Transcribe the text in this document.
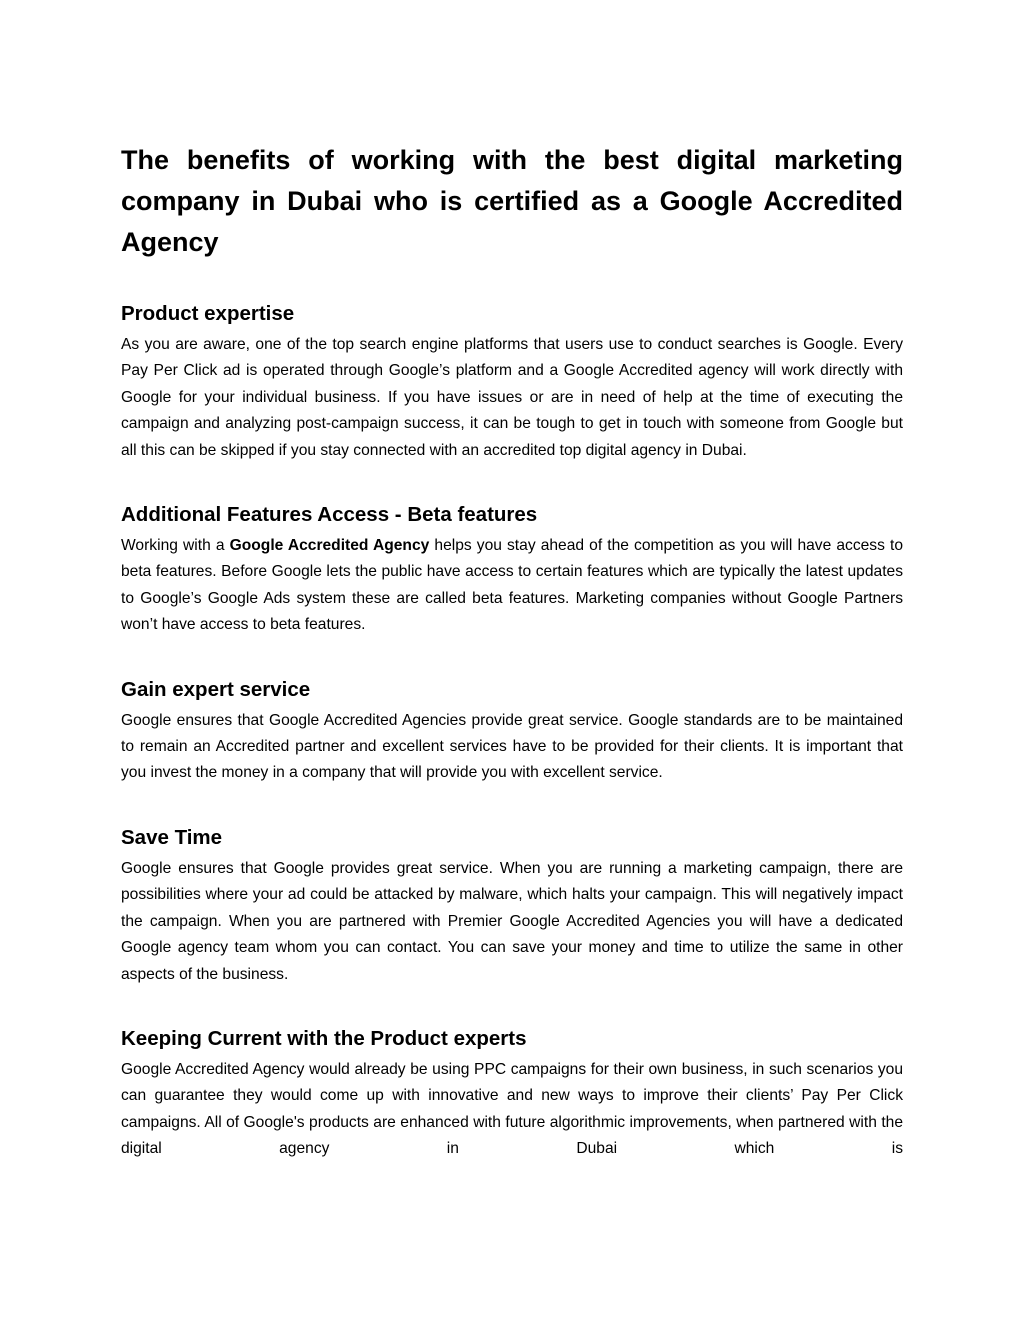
The benefits of working with the best digital marketing company in Dubai who is certified as a Google Accredited Agency
Product expertise

As you are aware, one of the top search engine platforms that users use to conduct searches is Google. Every Pay Per Click ad is operated through Google’s platform and a Google Accredited agency will work directly with Google for your individual business. If you have issues or are in need of help at the time of executing the campaign and analyzing post-campaign success, it can be tough to get in touch with someone from Google but all this can be skipped if you stay connected with an accredited top digital agency in Dubai.

Additional Features Access - Beta features

Working with a Google Accredited Agency helps you stay ahead of the competition as you will have access to beta features. Before Google lets the public have access to certain features which are typically the latest updates to Google’s Google Ads system these are called beta features. Marketing companies without Google Partners won’t have access to beta features.

Gain expert service

Google ensures that Google Accredited Agencies provide great service. Google standards are to be maintained to remain an Accredited partner and excellent services have to be provided for their clients. It is important that you invest the money in a company that will provide you with excellent service.

Save Time

Google ensures that Google provides great service. When you are running a marketing campaign, there are possibilities where your ad could be attacked by malware, which halts your campaign. This will negatively impact the campaign. When you are partnered with Premier Google Accredited Agencies you will have a dedicated Google agency team whom you can contact. You can save your money and time to utilize the same in other aspects of the business.

Keeping Current with the Product experts

Google Accredited Agency would already be using PPC campaigns for their own business, in such scenarios you can guarantee they would come up with innovative and new ways to improve their clients’ Pay Per Click campaigns. All of Google's products are enhanced with future algorithmic improvements, when partnered with the digital agency in Dubai which is
